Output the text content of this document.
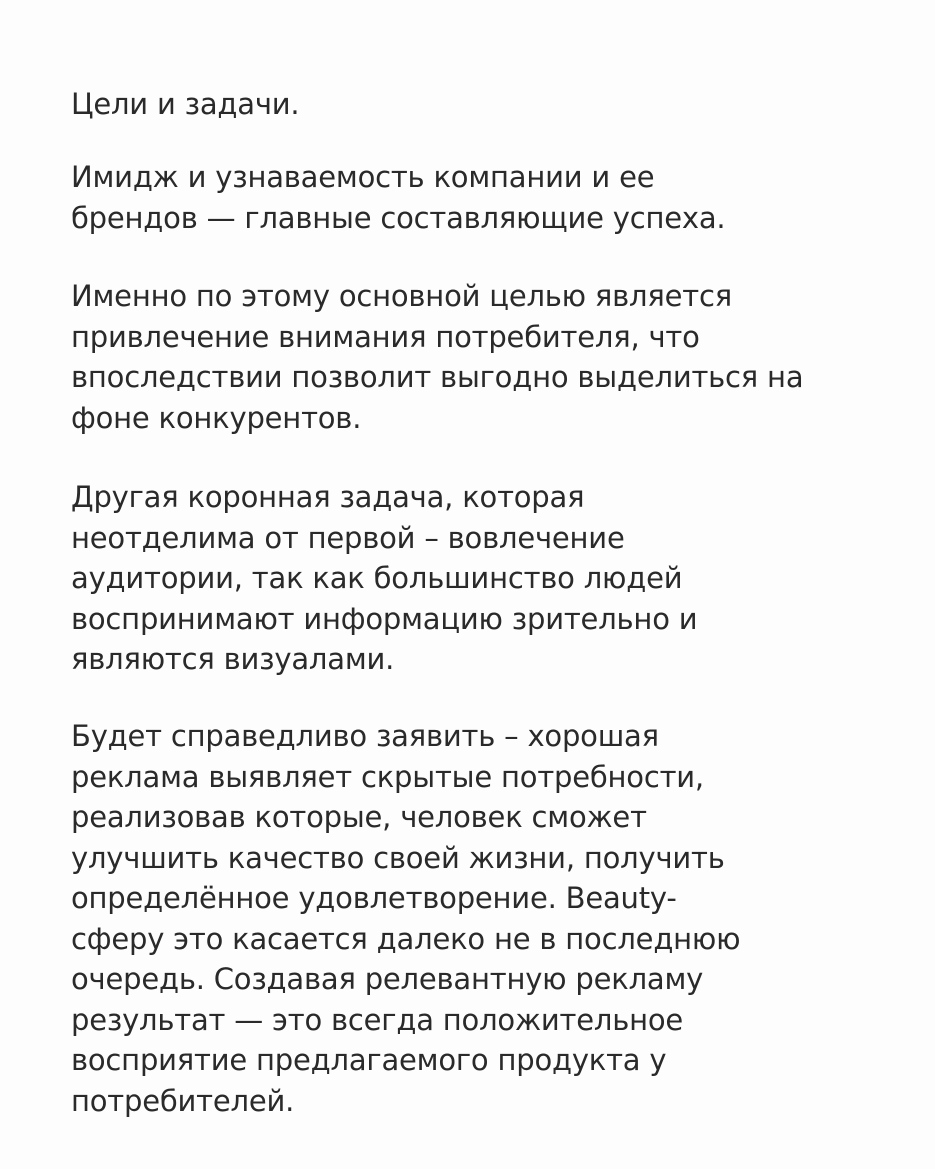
Цели и задачи.
Имидж и узнаваемость компании и ее
брендов — главные составляющие успеха.
Именно по этому основной целью является
привлечение внимания потребителя, что
впоследствии позволит выгодно выделиться на
фоне конкурентов.
Другая коронная задача, которая
неотделима от первой – вовлечение
аудитории, так как большинство людей
воспринимают информацию зрительно и
являются визуалами.
Будет справедливо заявить – хорошая
реклама выявляет скрытые потребности,
реализовав которые, человек сможет
улучшить качество своей жизни, получить
определённое удовлетворение. Beauty-
сферу это касается далеко не в последнюю
очередь. Создавая релевантную рекламу
результат — это всегда положительное
восприятие предлагаемого продукта у
потребителей.
